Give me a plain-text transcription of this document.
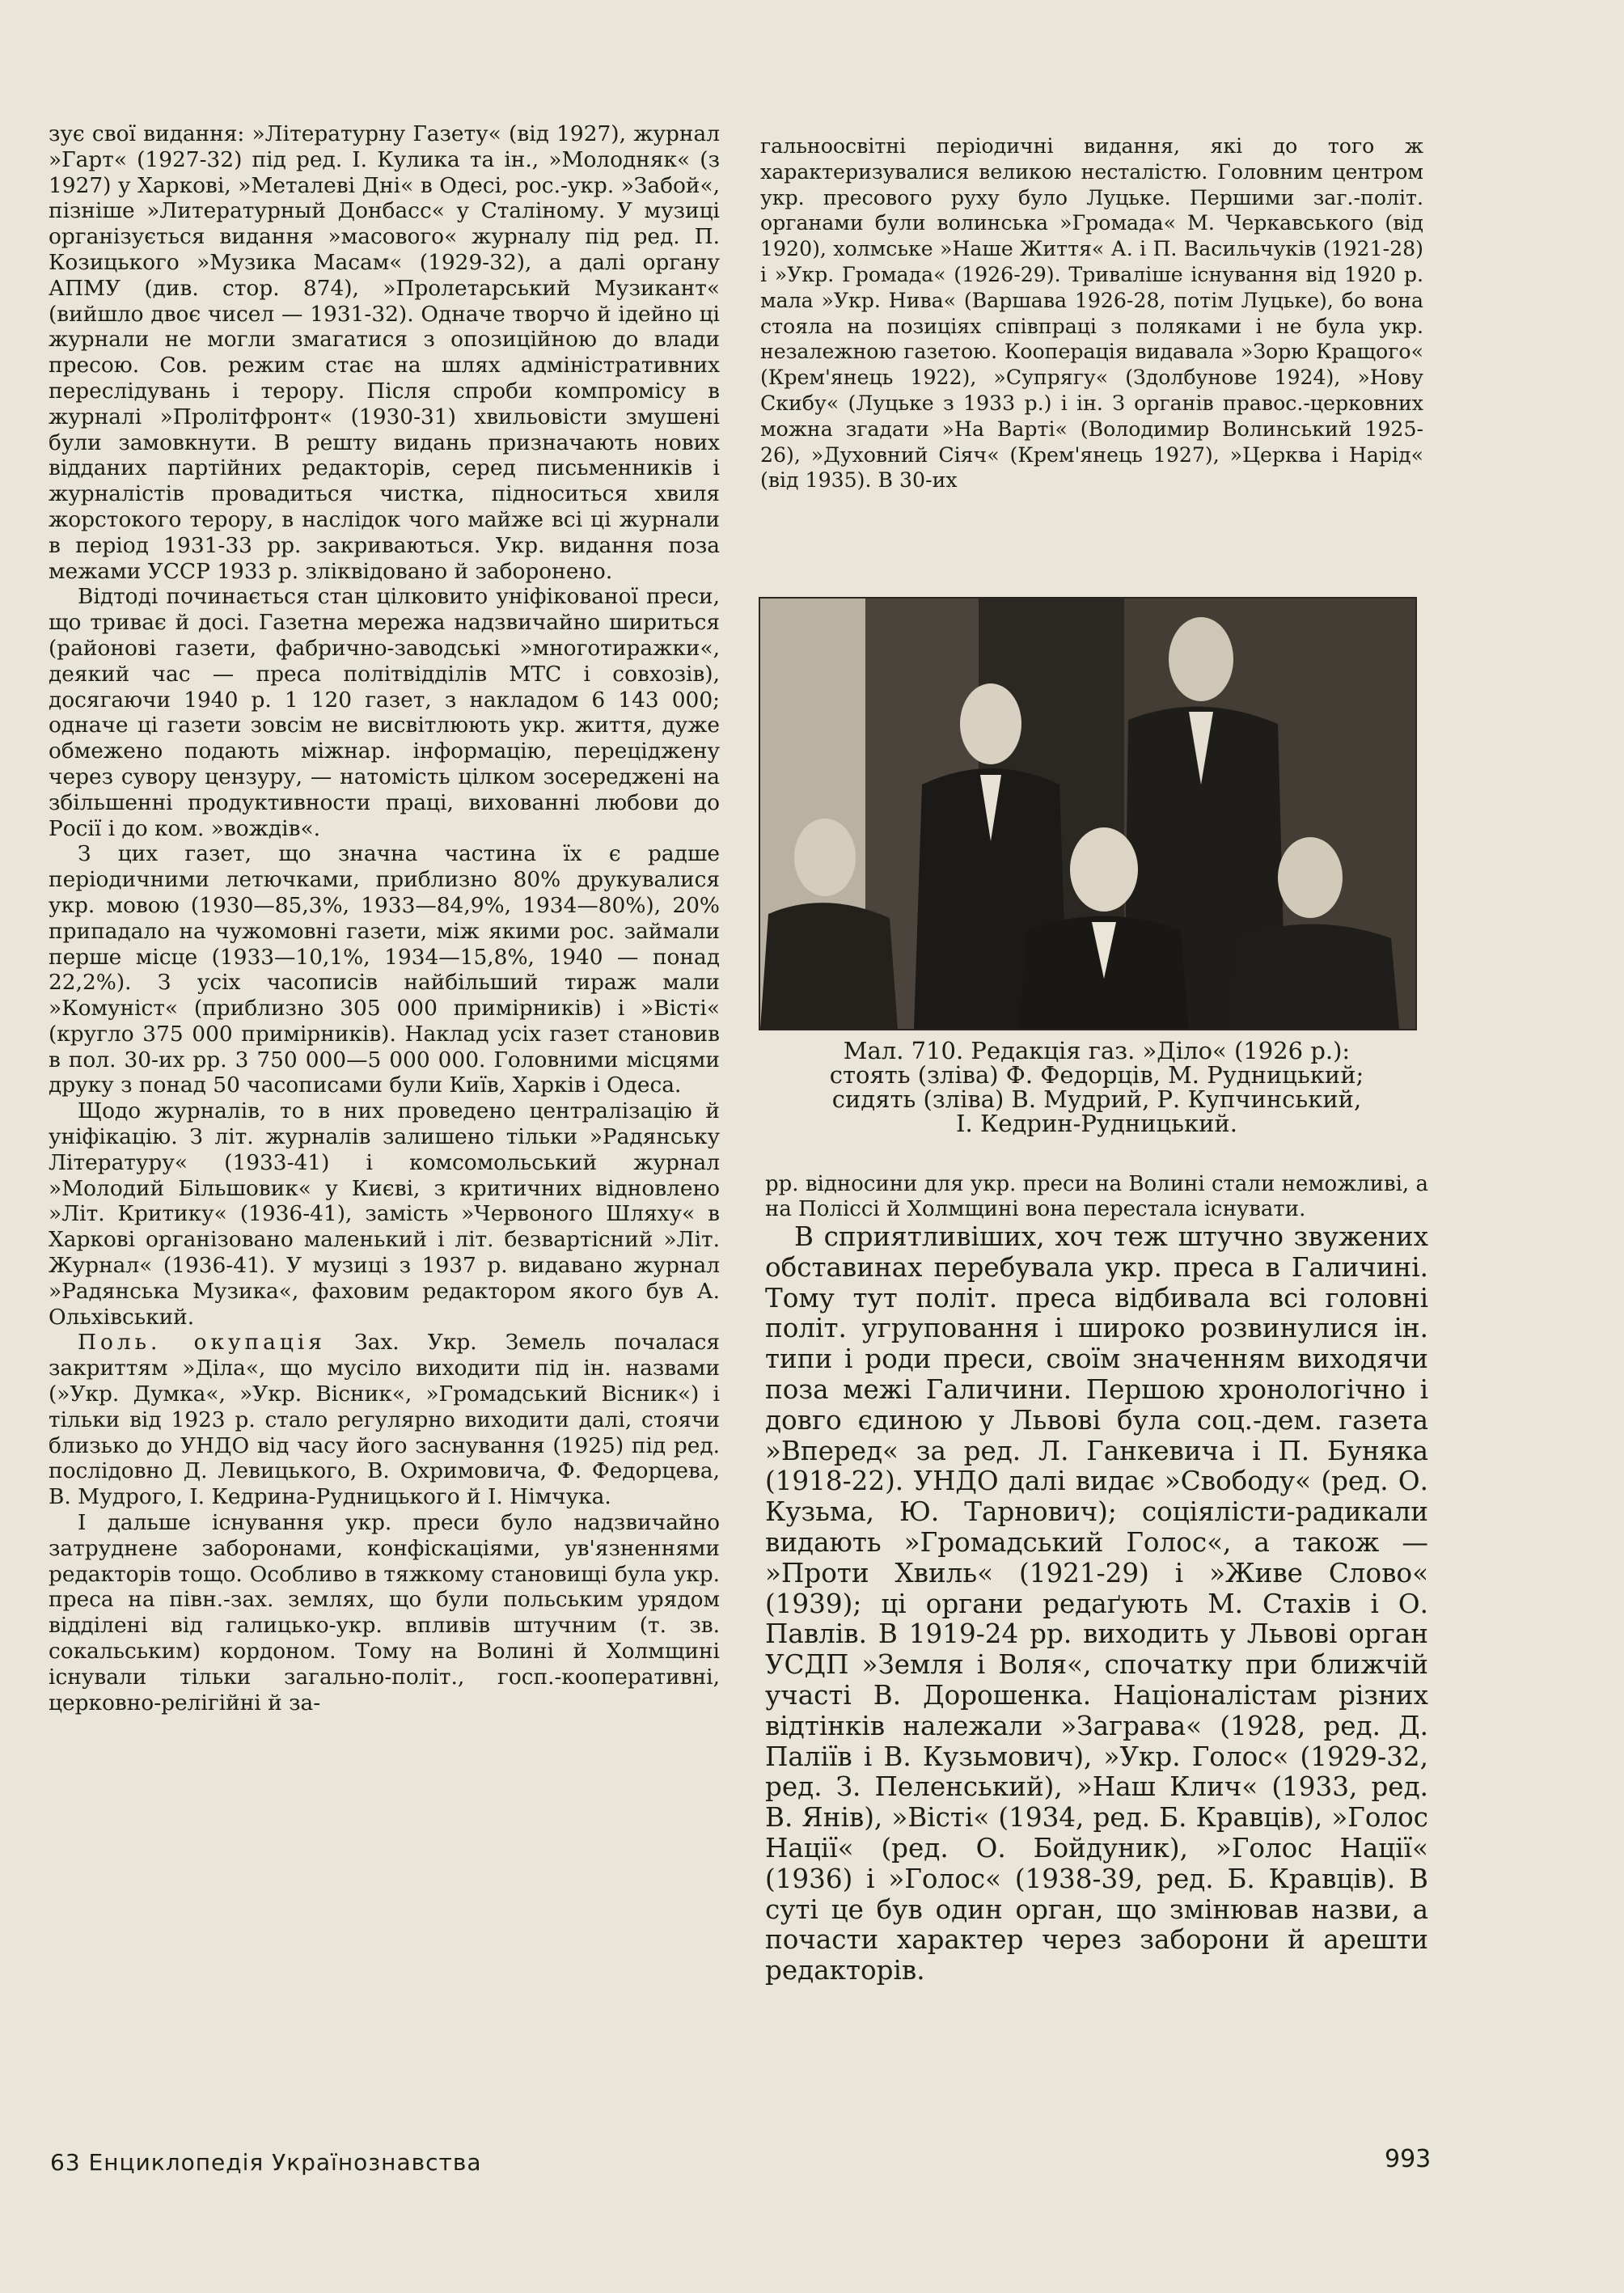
зує свої видання: »Літературну Газету« (від 1927), журнал »Гарт« (1927-32) під ред. І. Кулика та ін., »Молодняк« (з 1927) у Харкові, »Металеві Дні« в Одесі, рос.-укр. »Забой«, пізніше »Литературный Донбасс« у Сталіному. У музиці організується видання »масового« журналу під ред. П. Козицького »Музика Масам« (1929-32), а далі органу АПМУ (див. стор. 874), »Пролетарський Музикант« (вийшло двоє чисел — 1931-32). Одначе творчо й ідейно ці журнали не могли змагатися з опозиційною до влади пресою. Сов. режим стає на шлях адміністративних переслідувань і терору. Після спроби компромісу в журналі »Пролітфронт« (1930-31) хвильовісти змушені були замовкнути. В решту видань призначають нових відданих партійних редакторів, серед письменників і журналістів провадиться чистка, підноситься хвиля жорстокого терору, в наслідок чого майже всі ці журнали в період 1931-33 рр. закриваються. Укр. видання поза межами УССР 1933 р. зліквідовано й заборонено.

Відтоді починається стан цілковито уніфікованої преси, що триває й досі. Газетна мережа надзвичайно шириться (районові газети, фабрично-заводські »многотиражки«, деякий час — преса політвідділів МТС і совхозів), досягаючи 1940 р. 1 120 газет, з накладом 6 143 000; одначе ці газети зовсім не висвітлюють укр. життя, дуже обмежено подають міжнар. інформацію, переціджену через сувору цензуру, — натомість цілком зосереджені на збільшенні продуктивности праці, вихованні любови до Росії і до ком. »вождів«.

З цих газет, що значна частина їх є радше періодичними летючками, приблизно 80% друкувалися укр. мовою (1930—85,3%, 1933—84,9%, 1934—80%), 20% припадало на чужомовні газети, між якими рос. займали перше місце (1933—10,1%, 1934—15,8%, 1940 — понад 22,2%). З усіх часописів найбільший тираж мали »Комуніст« (приблизно 305 000 примірників) і »Вісті« (кругло 375 000 примірників). Наклад усіх газет становив в пол. 30-их рр. 3 750 000—5 000 000. Головними місцями друку з понад 50 часописами були Київ, Харків і Одеса.

Щодо журналів, то в них проведено централізацію й уніфікацію. З літ. журналів залишено тільки »Радянську Літературу« (1933-41) і комсомольський журнал »Молодий Більшовик« у Києві, з критичних відновлено »Літ. Критику« (1936-41), замість »Червоного Шляху« в Харкові організовано маленький і літ. безвартісний »Літ. Журнал« (1936-41). У музиці з 1937 р. видавано журнал »Радянська Музика«, фаховим редактором якого був А. Ольхівський.

Поль. окупація Зах. Укр. Земель почалася закриттям »Діла«, що мусіло виходити під ін. назвами (»Укр. Думка«, »Укр. Вісник«, »Громадський Вісник«) і тільки від 1923 р. стало регулярно виходити далі, стоячи близько до УНДО від часу його заснування (1925) під ред. послідовно Д. Левицького, В. Охримовича, Ф. Федорцева, В. Мудрого, І. Кедрина-Рудницького й І. Німчука.

І дальше існування укр. преси було надзвичайно затруднене заборонами, конфіскаціями, ув'язненнями редакторів тощо. Особливо в тяжкому становищі була укр. преса на півн.-зах. землях, що були польським урядом відділені від галицько-укр. впливів штучним (т. зв. сокальським) кордоном. Тому на Волині й Холмщині існували тільки загально-політ., госп.-кооперативні, церковно-релігійні й за-

гальноосвітні періодичні видання, які до того ж характеризувалися великою несталістю. Головним центром укр. пресового руху було Луцьке. Першими заг.-політ. органами були волинська »Громада« М. Черкавського (від 1920), холмське »Наше Життя« А. і П. Васильчуків (1921-28) і »Укр. Громада« (1926-29). Триваліше існування від 1920 р. мала »Укр. Нива« (Варшава 1926-28, потім Луцьке), бо вона стояла на позиціях співпраці з поляками і не була укр. незалежною газетою. Кооперація видавала »Зорю Кращого« (Крем'янець 1922), »Супрягу« (Здолбунове 1924), »Нову Скибу« (Луцьке з 1933 р.) і ін. З органів правос.-церковних можна згадати »На Варті« (Володимир Волинський 1925-26), »Духовний Сіяч« (Крем'янець 1927), »Церква і Нарід« (від 1935). В 30-их

Мал. 710. Редакція газ. »Діло« (1926 р.):
стоять (зліва) Ф. Федорців, М. Рудницький;
сидять (зліва) В. Мудрий, Р. Купчинський,
І. Кедрин-Рудницький.

рр. відносини для укр. преси на Волині стали неможливі, а на Поліссі й Холмщині вона перестала існувати.

В сприятливіших, хоч теж штучно звужених обставинах перебувала укр. преса в Галичині. Тому тут політ. преса відбивала всі головні політ. угруповання і широко розвинулися ін. типи і роди преси, своїм значенням виходячи поза межі Галичини. Першою хронологічно і довго єдиною у Львові була соц.-дем. газета »Вперед« за ред. Л. Ганкевича і П. Буняка (1918-22). УНДО далі видає »Свободу« (ред. О. Кузьма, Ю. Тарнович); соціялісти-радикали видають »Громадський Голос«, а також — »Проти Хвиль« (1921-29) і »Живе Слово« (1939); ці органи редаґують М. Стахів і О. Павлів. В 1919-24 рр. виходить у Львові орган УСДП »Земля і Воля«, спочатку при ближчій участі В. Дорошенка. Націоналістам різних відтінків належали »Заграва« (1928, ред. Д. Паліїв і В. Кузьмович), »Укр. Голос« (1929-32, ред. З. Пеленський), »Наш Клич« (1933, ред. В. Янів), »Вісті« (1934, ред. Б. Кравців), »Голос Нації« (ред. О. Бойдуник), »Голос Нації« (1936) і »Голос« (1938-39, ред. Б. Кравців). В суті це був один орган, що змінював назви, а почасти характер через заборони й арешти редакторів.

63 Енциклопедія Українознавства	993
